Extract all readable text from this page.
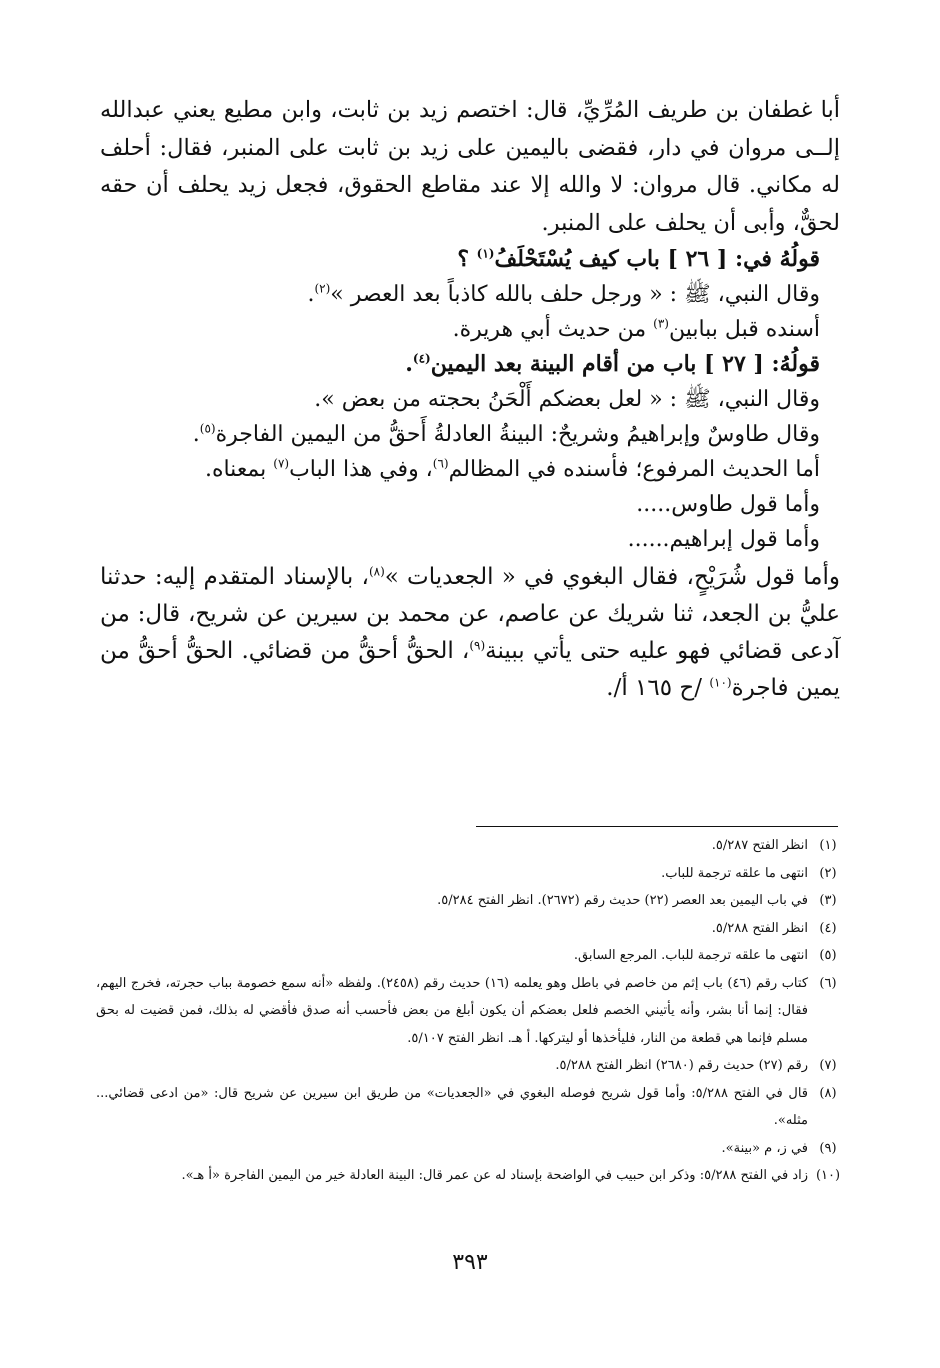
أبا غطفان بن طريف المُرِّيِّ، قال: اختصم زيد بن ثابت، وابن مطيع يعني عبدالله إلــى مروان في دار، فقضى باليمين على زيد بن ثابت على المنبر، فقال: أحلف له مكاني. قال مروان: لا والله إلا عند مقاطع الحقوق، فجعل زيد يحلف أن حقه لحقٌّ، وأبى أن يحلف على المنبر.

قولُهُ في: [ ٢٦ ] باب كيف يُسْتَحْلَفُ$^{(١)}$ ؟

وقال النبي، ﷺ : « ورجل حلف بالله كاذباً بعد العصر »$^{(٢)}$.

أسنده قبل ببابين$^{(٣)}$ من حديث أبي هريرة.

قولُهُ: [ ٢٧ ] باب من أقام البينة بعد اليمين$^{(٤)}$.

وقال النبي، ﷺ : « لعل بعضكم أَلْحَنُ بحجته من بعض ».

وقال طاوسٌ وإبراهيمُ وشريحٌ: البينةُ العادلةُ أَحقُّ من اليمين الفاجرة$^{(٥)}$.

أما الحديث المرفوع؛ فأسنده في المظالم$^{(٦)}$، وفي هذا الباب$^{(٧)}$ بمعناه.

وأما قول طاوس.....

وأما قول إبراهيم......

وأما قول شُرَيْحٍ، فقال البغوي في « الجعديات »$^{(٨)}$، بالإسناد المتقدم إليه: حدثنا عليُّ بن الجعد، ثنا شريك عن عاصم، عن محمد بن سيرين عن شريح، قال: من آدعى قضائي فهو عليه حتى يأتي ببينة$^{(٩)}$، الحقُّ أحقُّ من قضائي. الحقُّ أحقُّ من يمين فاجرة$^{(١٠)}$ /ح ١٦٥ أ/.

(١)
انظر الفتح ٥/٢٨٧.
(٢)
انتهى ما علقه ترجمة للباب.
(٣)
في باب اليمين بعد العصر (٢٢) حديث رقم (٢٦٧٢). انظر الفتح ٥/٢٨٤.
(٤)
انظر الفتح ٥/٢٨٨.
(٥)
انتهى ما علقه ترجمة للباب. المرجع السابق.
(٦)
كتاب رقم (٤٦) باب إثم من خاصم في باطل وهو يعلمه (١٦) حديث رقم (٢٤٥٨). ولفظه «أنه سمع خصومة بباب حجرته، فخرج اليهم، فقال: إنما أنا بشر، وأنه يأتيني الخصم فلعل بعضكم أن يكون أبلغ من بعض فأحسب أنه صدق فأقضي له بذلك، فمن قضيت له بحق مسلم فإنما هي قطعة من النار، فليأخذها أو ليتركها. أ هـ. انظر الفتح ٥/١٠٧.
(٧)
رقم (٢٧) حديث رقم (٢٦٨٠) انظر الفتح ٥/٢٨٨.
(٨)
قال في الفتح ٥/٢٨٨: وأما قول شريح فوصله البغوي في «الجعديات» من طريق ابن سيرين عن شريح قال: «من ادعى قضائي... مثله».
(٩)
في ز، م «بينة».
(١٠)
زاد في الفتح ٥/٢٨٨: وذكر ابن حبيب في الواضحة بإسناد له عن عمر قال: البينة العادلة خير من اليمين الفاجرة «أ هـ».
٣٩٣
